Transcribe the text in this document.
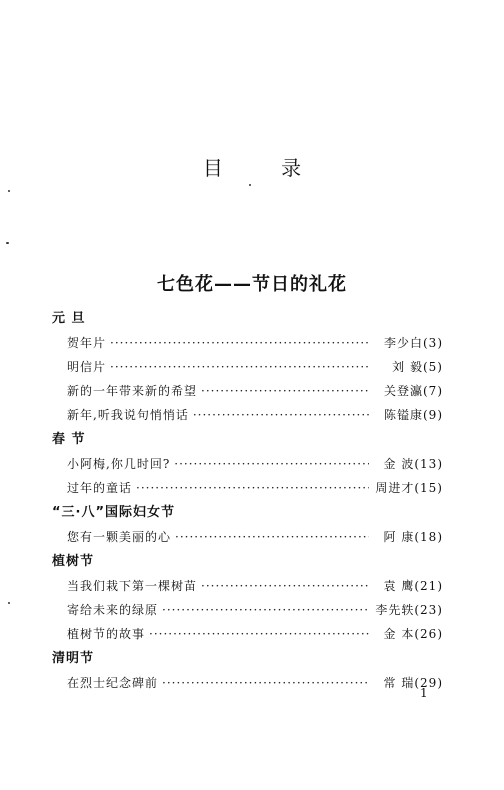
目 录
七色花——节日的礼花
元 旦
贺年片 ·····	李少白(3)
明信片 ·····	刘 毅(5)
新的一年带来新的希望 ·····	关登瀛(7)
新年,听我说句悄悄话 ·····	陈镒康(9)
春 节
小阿梅,你几时回? ·····	金 波(13)
过年的童话 ·····	周进才(15)
“三·八”国际妇女节
您有一颗美丽的心 ·····	阿 康(18)
植树节
当我们栽下第一棵树苗 ·····	袁 鹰(21)
寄给未来的绿原 ·····	李先轶(23)
植树节的故事 ·····	金 本(26)
清明节
在烈士纪念碑前 ·····	常 瑞(29)
1
